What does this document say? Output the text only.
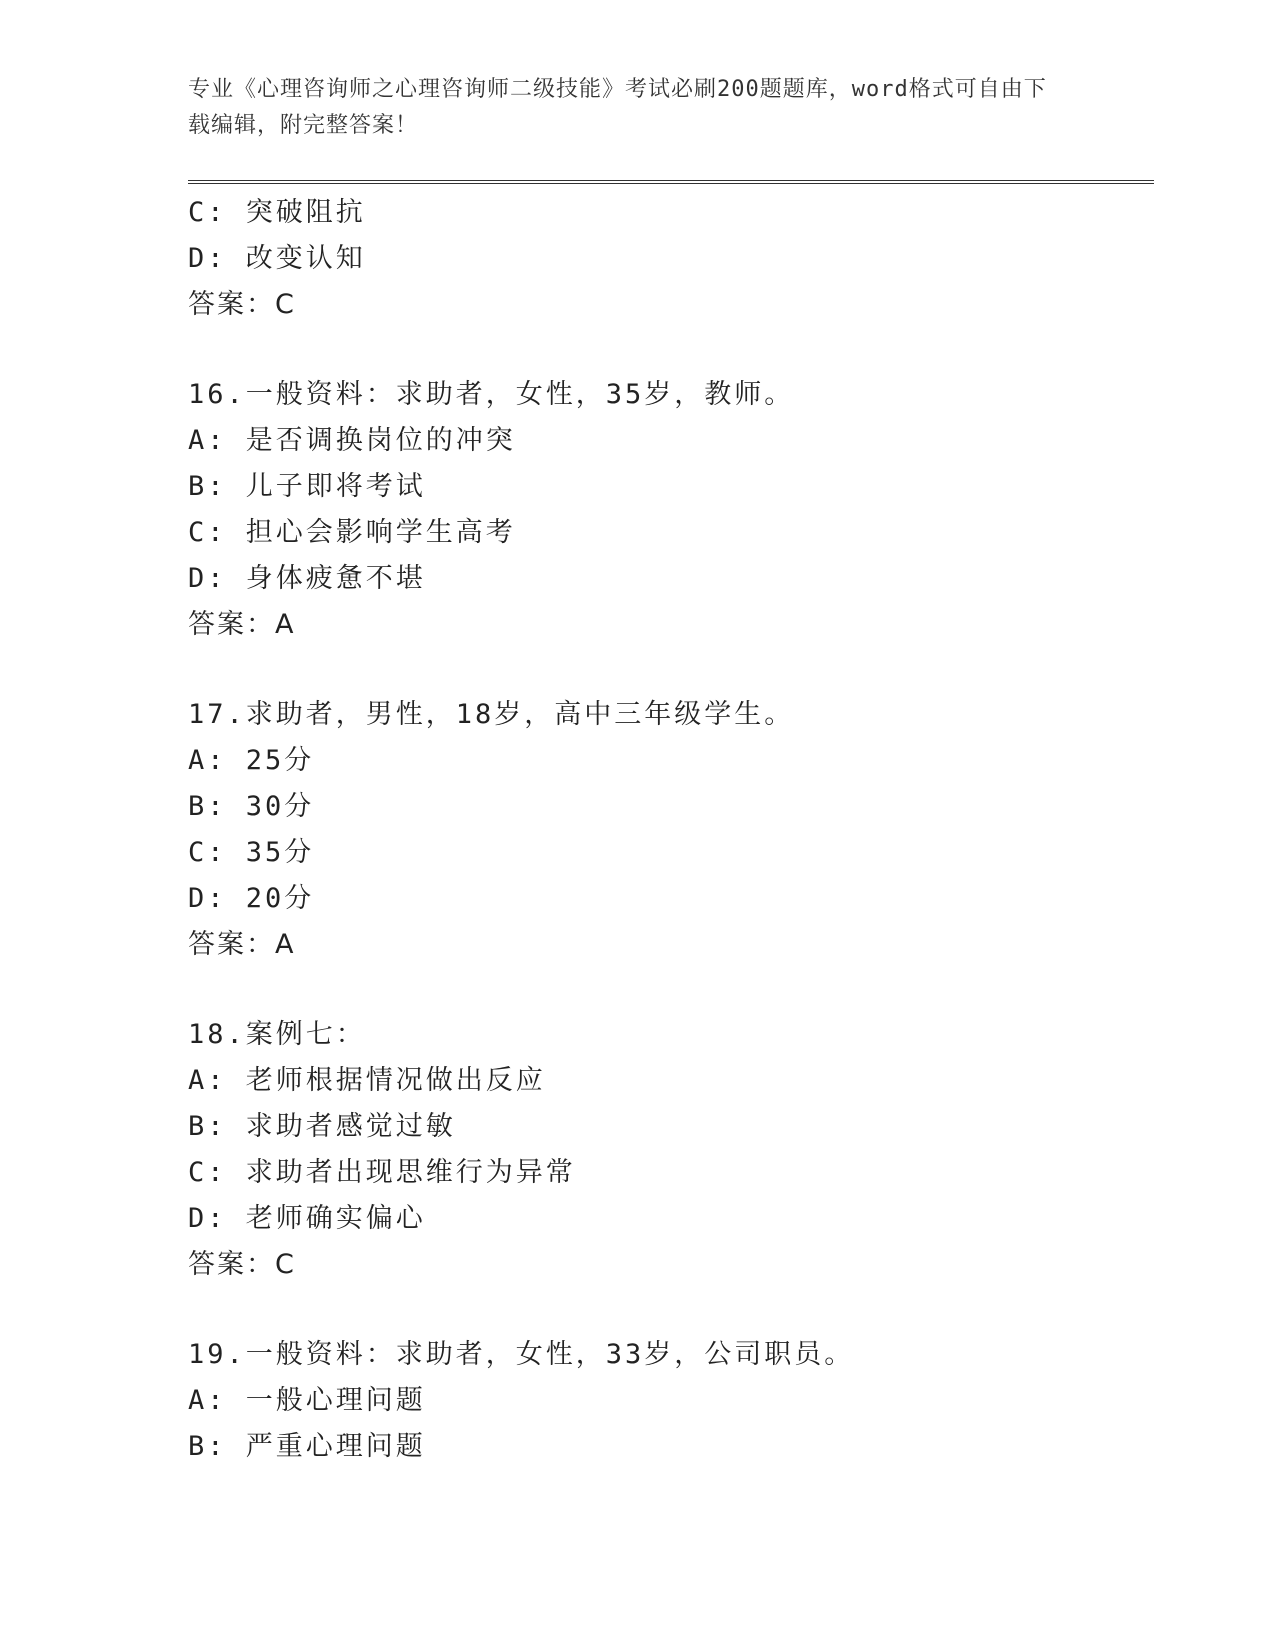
专业《心理咨询师之心理咨询师二级技能》考试必刷200题题库，word格式可自由下载编辑，附完整答案！
C: 突破阻抗
D: 改变认知
答案：C
16.一般资料：求助者，女性，35岁，教师。
A: 是否调换岗位的冲突
B: 儿子即将考试
C: 担心会影响学生高考
D: 身体疲惫不堪
答案：A
17.求助者，男性，18岁，高中三年级学生。
A: 25分
B: 30分
C: 35分
D: 20分
答案：A
18.案例七：
A: 老师根据情况做出反应
B: 求助者感觉过敏
C: 求助者出现思维行为异常
D: 老师确实偏心
答案：C
19.一般资料：求助者，女性，33岁，公司职员。
A: 一般心理问题
B: 严重心理问题
